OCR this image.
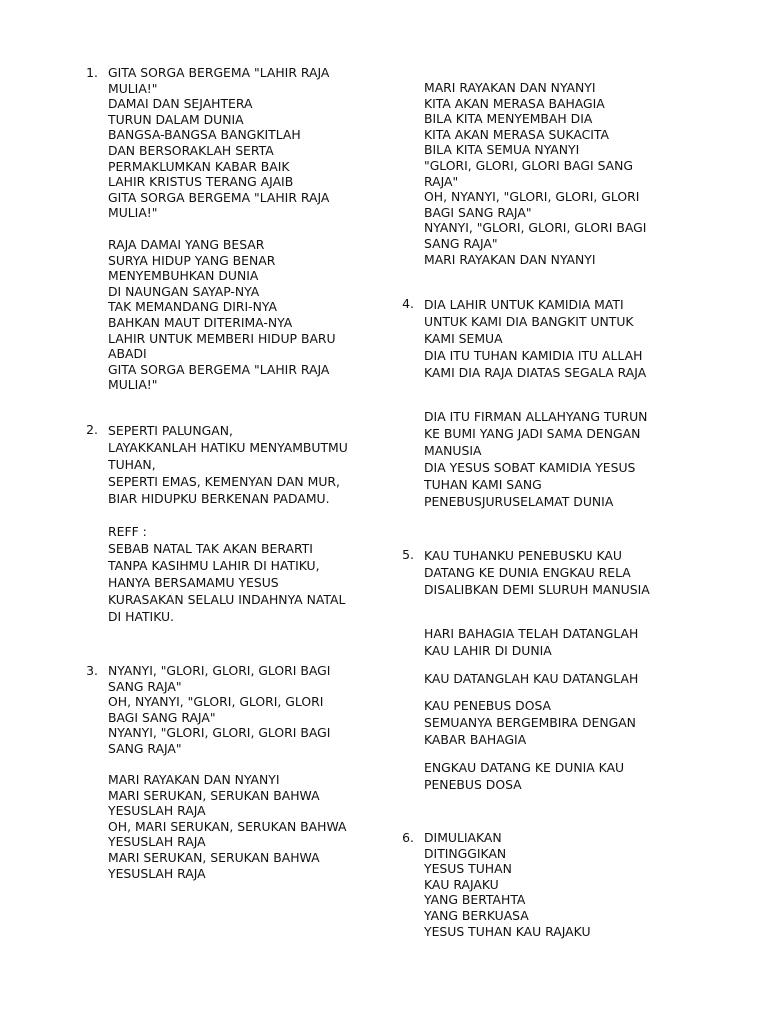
1. GITA SORGA BERGEMA "LAHIR RAJA
MULIA!"
DAMAI DAN SEJAHTERA
TURUN DALAM DUNIA
BANGSA-BANGSA BANGKITLAH
DAN BERSORAKLAH SERTA
PERMAKLUMKAN KABAR BAIK
LAHIR KRISTUS TERANG AJAIB
GITA SORGA BERGEMA "LAHIR RAJA
MULIA!"
RAJA DAMAI YANG BESAR
SURYA HIDUP YANG BENAR
MENYEMBUHKAN DUNIA
DI NAUNGAN SAYAP-NYA
TAK MEMANDANG DIRI-NYA
BAHKAN MAUT DITERIMA-NYA
LAHIR UNTUK MEMBERI HIDUP BARU
ABADI
GITA SORGA BERGEMA "LAHIR RAJA
MULIA!"
2. SEPERTI PALUNGAN,
LAYAKKANLAH HATIKU MENYAMBUTMU
TUHAN,
SEPERTI EMAS, KEMENYAN DAN MUR,
BIAR HIDUPKU BERKENAN PADAMU.
REFF :
SEBAB NATAL TAK AKAN BERARTI
TANPA KASIHMU LAHIR DI HATIKU,
HANYA BERSAMAMU YESUS
KURASAKAN SELALU INDAHNYA NATAL
DI HATIKU.
3. NYANYI, "GLORI, GLORI, GLORI BAGI
SANG RAJA"
OH, NYANYI, "GLORI, GLORI, GLORI
BAGI SANG RAJA"
NYANYI, "GLORI, GLORI, GLORI BAGI
SANG RAJA"
MARI RAYAKAN DAN NYANYI
MARI SERUKAN, SERUKAN BAHWA
YESUSLAH RAJA
OH, MARI SERUKAN, SERUKAN BAHWA
YESUSLAH RAJA
MARI SERUKAN, SERUKAN BAHWA
YESUSLAH RAJA
MARI RAYAKAN DAN NYANYI
KITA AKAN MERASA BAHAGIA
BILA KITA MENYEMBAH DIA
KITA AKAN MERASA SUKACITA
BILA KITA SEMUA NYANYI
"GLORI, GLORI, GLORI BAGI SANG
RAJA"
OH, NYANYI, "GLORI, GLORI, GLORI
BAGI SANG RAJA"
NYANYI, "GLORI, GLORI, GLORI BAGI
SANG RAJA"
MARI RAYAKAN DAN NYANYI
4. DIA LAHIR UNTUK KAMIDIA MATI
UNTUK KAMI DIA BANGKIT UNTUK
KAMI SEMUA
DIA ITU TUHAN KAMIDIA ITU ALLAH
KAMI DIA RAJA DIATAS SEGALA RAJA
DIA ITU FIRMAN ALLAHYANG TURUN
KE BUMI YANG JADI SAMA DENGAN
MANUSIA
DIA YESUS SOBAT KAMIDIA YESUS
TUHAN KAMI SANG
PENEBUSJURUSELAMAT DUNIA
5. KAU TUHANKU PENEBUSKU KAU
DATANG KE DUNIA ENGKAU RELA
DISALIBKAN DEMI SLURUH MANUSIA
HARI BAHAGIA TELAH DATANGLAH
KAU LAHIR DI DUNIA
KAU DATANGLAH KAU DATANGLAH
KAU PENEBUS DOSA
SEMUANYA BERGEMBIRA DENGAN
KABAR BAHAGIA
ENGKAU DATANG KE DUNIA KAU
PENEBUS DOSA
6. DIMULIAKAN
DITINGGIKAN
YESUS TUHAN
KAU RAJAKU
YANG BERTAHTA
YANG BERKUASA
YESUS TUHAN KAU RAJAKU
